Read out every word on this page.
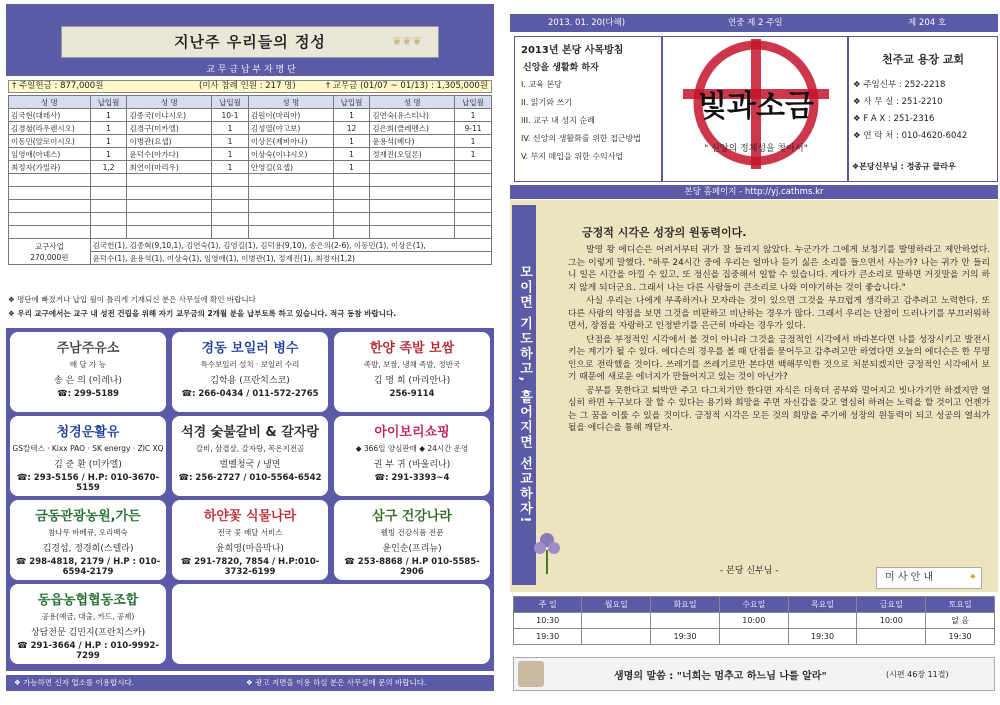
지난주 우리들의 정성	❦❦❦
교 무 금 납 부 자 명 단
† 주일헌금 : 877,000원	(미사 참례 인원 : 217 명)	† 교무금 (01/07 ~ 01/13) : 1,305,000원
성 명	납입월	성 명	납입월	성 명	납입월	성 명	납입월
김국현(대레사)	1	김종국(이냐시오)	10-1	김원이(마리아)	1	김연숙(유스티나)	1
김경철(라우렌시오)	1	김경구(미카엘)	1	김성열(야고보)	12	김은희(클레멘스)	9-11
이동민(알로이시오)	1	이병관(요셉)	1	이상은(제비아나)	1	윤용석(베다)	1
임영애(아녜스)	1	윤덕수(아가다)	1	이상숙(이냐시오)	1	정재진(오딜론)	1
최정자(가밀라)	1,2	최연이(마리우)	1	안영길(요셉)	1		

교구사업
270,000원	김국헌(1), 김종혁(9,10,1), 김연숙(1), 김영길(1), 김덕용(9,10), 송은의(2-6), 이동민(1), 이상은(1),						
	윤덕수(1), 윤용석(1), 이상숙(1), 임영애(1), 이병관(1), 정재진(1), 최정자(1,2)						
❖ 명단에 빠졌거나 납입 월이 틀리게 기재되신 분은 사무실에 확인 바랍니다
❖ 우리 교구에서는 교구 내 성전 건립을 위해 자기 교무금의 2개월 분을 납부토록 하고 있습니다. 적극 동참 바랍니다.
주남주유소
배 달 가 능
송 은 의 (이레나)
☎: 299-5189
경동 보일러 병수
특수보일러 설치 · 보일러 수리
김학용 (프란치스코)
☎: 266-0434 / 011-572-2765
한양 족발 보쌈
족발, 보쌈, 냉채 족발, 정반국
김 명 희 (마리안나)
256-9114
청경운활유
GS칼텍스 · Kixx PAO · SK energy · ZIC XQ
김 준 환 (미카엘)
☎: 293-5156 / H.P: 010-3670-5159
석경 숯불갈비 & 갈자랑
갈비, 삼겹살, 갈자랑, 목온지전골
벌벨청국 / 냉면
☎: 256-2727 / 010-5564-6542
아이보리쇼핑
◆ 366일 양심판매 ◆ 24시간 운영
권 부 귀 (바울리나)
☎: 291-3393~4
금동관광농원,가든
참나무 바베큐, 오리백숙
김경섭, 정경희(스텔라)
☎ 298-4818, 2179 / H.P : 010-6594-2179
하얀꽃 식물나라
전국 꽃 배달 서비스
윤희영(마음막나)
☎ 291-7820, 7854 / H.P:010-3732-6199
삼구 건강나라
웰빙 건강식품 전문
윤인순(프리뉴)
☎ 253-8868 / H.P 010-5585-2906
동읍농협협동조합
공용(예금, 대출, 카드, 공제)
상담전문 김민지(프란치스카)
☎ 291-3664 / H.P : 010-9992-7299
❖ 가능하면 신자 업소를 이용합시다.	❖ 광고 지면을 이용 하실 분은 사무실에 문의 바랍니다.
2013. 01. 20(다해)	연중 제 2 주일	제 204 호
2013년 본당 사목방침
신앙을 생활화 하자
I. 교육 본당
II. 읽기와 쓰기
III. 교구 내 성지 순례
IV. 신앙의 생활화를 위한 접근방법
V. 부지 매입을 위한 수익사업
빛과소금
" 신앙의 정체성을 찾아서"
천주교 용장 교회
❖ 주임신부 : 252-2218
❖ 사 무 실 : 251-2210
❖ F A X : 251-2316
❖ 연 락 처 : 010-4620-6042
❖본당신부님 : 정종규 클라우
본당 홈페이지 - http://yj.cathms.kr
모이면 기도하고, 흩어지면 선교하자!
긍정적 시각은 성장의 원동력이다.

발명 왕 에디슨은 어려서부터 귀가 잘 들리지 않았다. 누군가가 그에게 보청기를 발명하라고 제안하였다. 그는 이렇게 말했다. "하루 24시간 중에 우리는 얼마나 듣기 싫은 소리를 들으면서 사는가? 나는 귀가 안 들리니 일은 시간을 아낄 수 있고, 또 정신을 집중해서 일할 수 있습니다. 게다가 큰소리로 말하면 거짓말을 거의 하지 않게 되더군요. 그래서 나는 다른 사람들이 큰소리로 나와 이야기하는 것이 좋습니다."

사실 우리는 나에게 부족하거나 모자라는 것이 있으면 그것을 부끄럽게 생각하고 감추려고 노력한다. 또 다른 사람의 약점을 보면 그것을 비판하고 비난하는 경우가 많다. 그래서 우리는 단점이 드러나기를 부끄러워하면서, 장점을 자랑하고 인정받기를 은근히 바라는 경우가 있다.

단점을 부정적인 시각에서 볼 것이 아니라 그것을 긍정적인 시각에서 바라본다면 나를 성장시키고 발전시키는 계기가 될 수 있다. 에디슨의 경우를 볼 때 단점을 묻어두고 감추려고만 하였다면 오늘의 에디슨은 한 무명인으로 전락했을 것이다. 쓰레기를 쓰레기로만 본다면 백해무익한 것으로 처분되겠지만 긍정적인 시각에서 보기 때문에 새로운 에너지가 만들어지고 있는 것이 아닌가?

공부를 못한다고 퇴박만 주고 다그치기만 한다면 자식은 더욱더 공부와 멀어지고 빗나가기만 하겠지만 열심히 하면 누구보다 잘 할 수 있다는 용기와 희망을 주면 자신감을 갖고 열심히 하려는 노력을 할 것이고 언젠가는 그 꿈을 이룰 수 있을 것이다. 긍정적 시각은 모든 것의 희망을 주기에 성장의 원동력이 되고 성공의 열쇠가 될을 에디슨을 통해 깨닫자.

- 본당 신부님 -
미 사 안 내	✦
주 일	월요일	화요일	수요일	목요일	금요일	토요일
10:30			10:00		10:00	없 음
19:30		19:30		19:30		19:30
생명의 말씀 : "너희는 멈추고 하느님 나를 알라"	(시편 46장 11절)
